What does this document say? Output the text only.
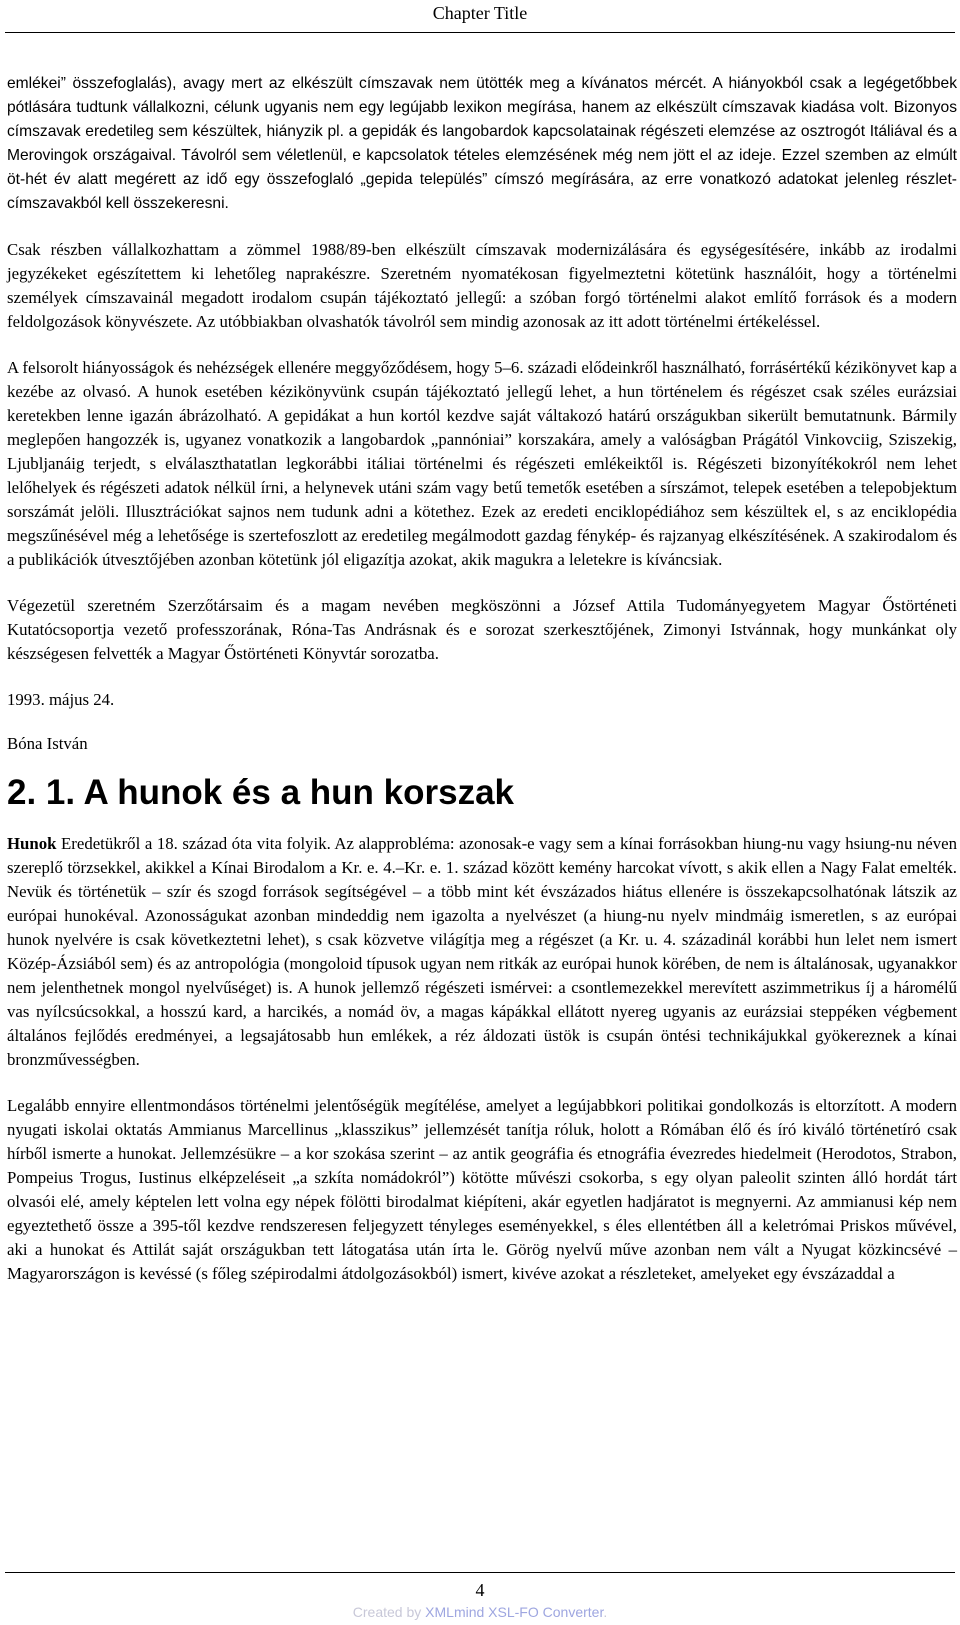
Chapter Title

emlékei” összefoglalás), avagy mert az elkészült címszavak nem ütötték meg a kívánatos mércét. A hiányokból csak a legégetőbbek pótlására tudtunk vállalkozni, célunk ugyanis nem egy legújabb lexikon megírása, hanem az elkészült címszavak kiadása volt. Bizonyos címszavak eredetileg sem készültek, hiányzik pl. a gepidák és langobardok kapcsolatainak régészeti elemzése az osztrogót Itáliával és a Merovingok országaival. Távolról sem véletlenül, e kapcsolatok tételes elemzésének még nem jött el az ideje. Ezzel szemben az elmúlt öt-hét év alatt megérett az idő egy összefoglaló „gepida település” címszó megírására, az erre vonatkozó adatokat jelenleg részlet-címszavakból kell összekeresni.

Csak részben vállalkozhattam a zömmel 1988/89-ben elkészült címszavak modernizálására és egységesítésére, inkább az irodalmi jegyzékeket egészítettem ki lehetőleg naprakészre. Szeretném nyomatékosan figyelmeztetni kötetünk használóit, hogy a történelmi személyek címszavainál megadott irodalom csupán tájékoztató jellegű: a szóban forgó történelmi alakot említő források és a modern feldolgozások könyvészete. Az utóbbiakban olvashatók távolról sem mindig azonosak az itt adott történelmi értékeléssel.

A felsorolt hiányosságok és nehézségek ellenére meggyőződésem, hogy 5–6. századi elődeinkről használható, forrásértékű kézikönyvet kap a kezébe az olvasó. A hunok esetében kézikönyvünk csupán tájékoztató jellegű lehet, a hun történelem és régészet csak széles eurázsiai keretekben lenne igazán ábrázolható. A gepidákat a hun kortól kezdve saját váltakozó határú országukban sikerült bemutatnunk. Bármily meglepően hangozzék is, ugyanez vonatkozik a langobardok „pannóniai” korszakára, amely a valóságban Prágától Vinkovciig, Sziszekig, Ljubljanáig terjedt, s elválaszthatatlan legkorábbi itáliai történelmi és régészeti emlékeiktől is. Régészeti bizonyítékokról nem lehet lelőhelyek és régészeti adatok nélkül írni, a helynevek utáni szám vagy betű temetők esetében a sírszámot, telepek esetében a telepobjektum sorszámát jelöli. Illusztrációkat sajnos nem tudunk adni a kötethez. Ezek az eredeti enciklopédiához sem készültek el, s az enciklopédia megszűnésével még a lehetősége is szertefoszlott az eredetileg megálmodott gazdag fénykép- és rajzanyag elkészítésének. A szakirodalom és a publikációk útvesztőjében azonban kötetünk jól eligazítja azokat, akik magukra a leletekre is kíváncsiak.

Végezetül szeretném Szerzőtársaim és a magam nevében megköszönni a József Attila Tudományegyetem Magyar Őstörténeti Kutatócsoportja vezető professzorának, Róna-Tas Andrásnak és e sorozat szerkesztőjének, Zimonyi Istvánnak, hogy munkánkat oly készségesen felvették a Magyar Őstörténeti Könyvtár sorozatba.

1993. május 24.

Bóna István

2. 1. A hunok és a hun korszak

Hunok Eredetükről a 18. század óta vita folyik. Az alapprobléma: azonosak-e vagy sem a kínai forrásokban hiung-nu vagy hsiung-nu néven szereplő törzsekkel, akikkel a Kínai Birodalom a Kr. e. 4.–Kr. e. 1. század között kemény harcokat vívott, s akik ellen a Nagy Falat emelték. Nevük és történetük – szír és szogd források segítségével – a több mint két évszázados hiátus ellenére is összekapcsolhatónak látszik az európai hunokéval. Azonosságukat azonban mindeddig nem igazolta a nyelvészet (a hiung-nu nyelv mindmáig ismeretlen, s az európai hunok nyelvére is csak következtetni lehet), s csak közvetve világítja meg a régészet (a Kr. u. 4. századinál korábbi hun lelet nem ismert Közép-Ázsiából sem) és az antropológia (mongoloid típusok ugyan nem ritkák az európai hunok körében, de nem is általánosak, ugyanakkor nem jelenthetnek mongol nyelvűséget) is. A hunok jellemző régészeti ismérvei: a csontlemezekkel merevített aszimmetrikus íj a háromélű vas nyílcsúcsokkal, a hosszú kard, a harcikés, a nomád öv, a magas kápákkal ellátott nyereg ugyanis az eurázsiai steppéken végbement általános fejlődés eredményei, a legsajátosabb hun emlékek, a réz áldozati üstök is csupán öntési technikájukkal gyökereznek a kínai bronzművességben.

Legalább ennyire ellentmondásos történelmi jelentőségük megítélése, amelyet a legújabbkori politikai gondolkozás is eltorzított. A modern nyugati iskolai oktatás Ammianus Marcellinus „klasszikus” jellemzését tanítja róluk, holott a Rómában élő és író kiváló történetíró csak hírből ismerte a hunokat. Jellemzésükre – a kor szokása szerint – az antik geográfia és etnográfia évezredes hiedelmeit (Herodotos, Strabon, Pompeius Trogus, Iustinus elképzeléseit „a szkíta nomádokról”) kötötte művészi csokorba, s egy olyan paleolit szinten álló hordát tárt olvasói elé, amely képtelen lett volna egy népek fölötti birodalmat kiépíteni, akár egyetlen hadjáratot is megnyerni. Az ammianusi kép nem egyeztethető össze a 395-től kezdve rendszeresen feljegyzett tényleges eseményekkel, s éles ellentétben áll a keletrómai Priskos művével, aki a hunokat és Attilát saját országukban tett látogatása után írta le. Görög nyelvű műve azonban nem vált a Nyugat közkincsévé – Magyarországon is kevéssé (s főleg szépirodalmi átdolgozásokból) ismert, kivéve azokat a részleteket, amelyeket egy évszázaddal a

4
Created by XMLmind XSL-FO Converter.
